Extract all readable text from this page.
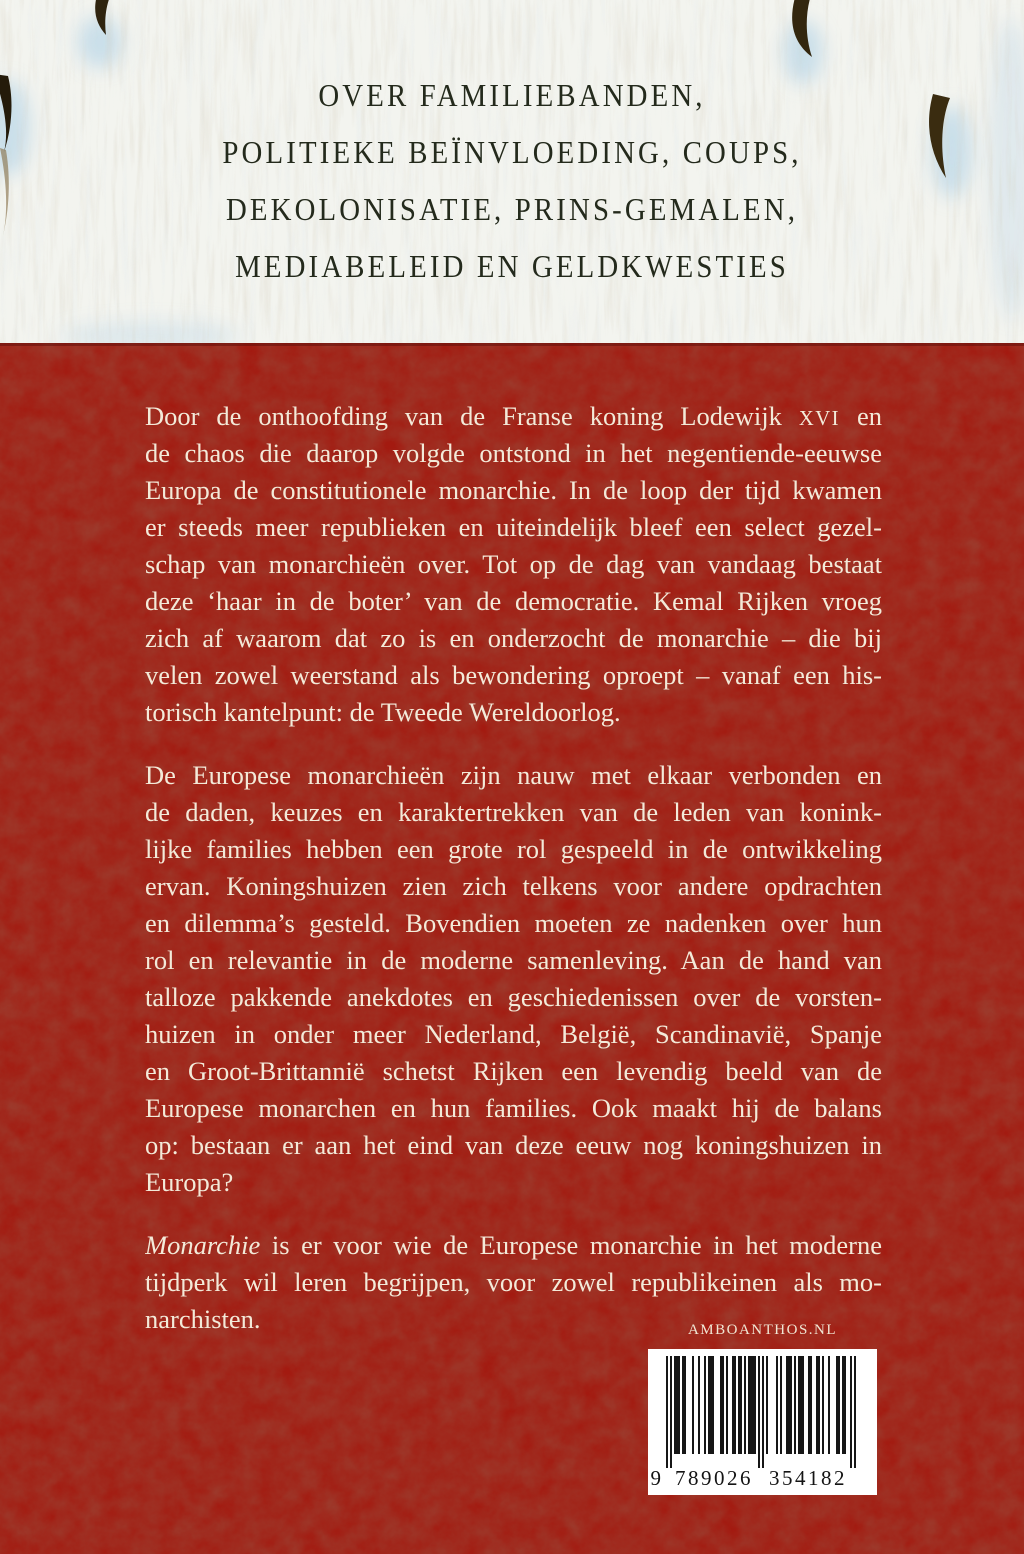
OVER FAMILIEBANDEN,
POLITIEKE BEÏNVLOEDING, COUPS,
DEKOLONISATIE, PRINS-GEMALEN,
MEDIABELEID EN GELDKWESTIES
Door de onthoofding van de Franse koning Lodewijk XVI en
de chaos die daarop volgde ontstond in het negentiende-eeuwse
Europa de constitutionele monarchie. In de loop der tijd kwamen
er steeds meer republieken en uiteindelijk bleef een select gezel-
schap van monarchieën over. Tot op de dag van vandaag bestaat
deze ‘haar in de boter’ van de democratie. Kemal Rijken vroeg
zich af waarom dat zo is en onderzocht de monarchie – die bij
velen zowel weerstand als bewondering oproept – vanaf een his-
torisch kantelpunt: de Tweede Wereldoorlog.
De Europese monarchieën zijn nauw met elkaar verbonden en
de daden, keuzes en karaktertrekken van de leden van konink-
lijke families hebben een grote rol gespeeld in de ontwikkeling
ervan. Koningshuizen zien zich telkens voor andere opdrachten
en dilemma’s gesteld. Bovendien moeten ze nadenken over hun
rol en relevantie in de moderne samenleving. Aan de hand van
talloze pakkende anekdotes en geschiedenissen over de vorsten-
huizen in onder meer Nederland, België, Scandinavië, Spanje
en Groot-Brittannië schetst Rijken een levendig beeld van de
Europese monarchen en hun families. Ook maakt hij de balans
op: bestaan er aan het eind van deze eeuw nog koningshuizen in
Europa?
Monarchie is er voor wie de Europese monarchie in het moderne
tijdperk wil leren begrijpen, voor zowel republikeinen als mo-
narchisten.	AMBOANTHOS.NL
9 789026 354182
